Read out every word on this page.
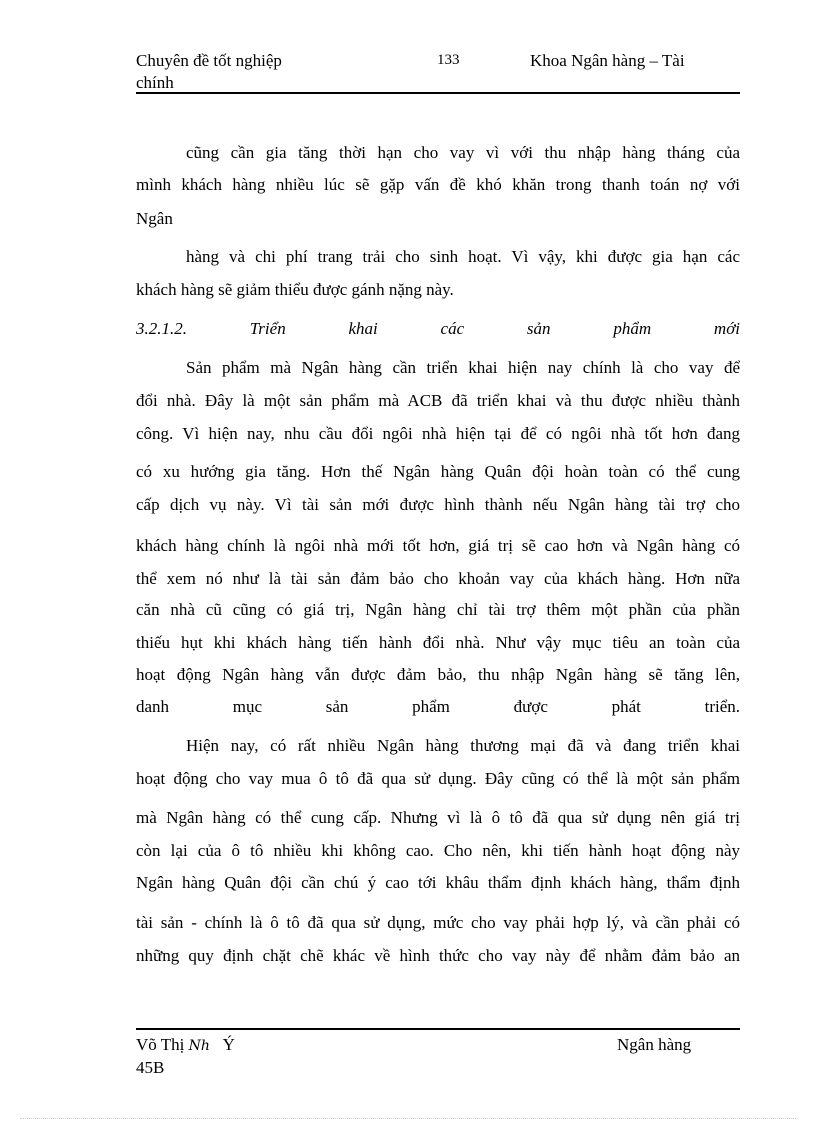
Chuyên đề tốt nghiệp
chính
133	Khoa Ngân hàng – Tài
cũng cần gia tăng thời hạn cho vay vì với thu nhập hàng tháng của
mình khách hàng nhiều lúc sẽ gặp vấn đề khó khăn trong thanh toán nợ với
Ngân
hàng và chi phí trang trải cho sinh hoạt. Vì vậy, khi được gia hạn các
khách hàng sẽ giảm thiểu được gánh nặng này.
3.2.1.2. Triển khai các sản phẩm mới
Sản phẩm mà Ngân hàng cần triển khai hiện nay chính là cho vay để
đổi nhà. Đây là một sản phẩm mà ACB đã triển khai và thu được nhiều thành
công. Vì hiện nay, nhu cầu đổi ngôi nhà hiện tại để có ngôi nhà tốt hơn đang
có xu hướng gia tăng. Hơn thế Ngân hàng Quân đội hoàn toàn có thể cung
cấp dịch vụ này. Vì tài sản mới được hình thành nếu Ngân hàng tài trợ cho
khách hàng chính là ngôi nhà mới tốt hơn, giá trị sẽ cao hơn và Ngân hàng có
thể xem nó như là tài sản đảm bảo cho khoản vay của khách hàng. Hơn nữa
căn nhà cũ cũng có giá trị, Ngân hàng chỉ tài trợ thêm một phần của phần
thiếu hụt khi khách hàng tiến hành đổi nhà. Như vậy mục tiêu an toàn của
hoạt động Ngân hàng vẫn được đảm bảo, thu nhập Ngân hàng sẽ tăng lên,
danh mục sản phẩm được phát triển.
Hiện nay, có rất nhiều Ngân hàng thương mại đã và đang triển khai
hoạt động cho vay mua ô tô đã qua sử dụng. Đây cũng có thể là một sản phẩm
mà Ngân hàng có thể cung cấp. Nhưng vì là ô tô đã qua sử dụng nên giá trị
còn lại của ô tô nhiều khi không cao. Cho nên, khi tiến hành hoạt động này
Ngân hàng Quân đội cần chú ý cao tới khâu thẩm định khách hàng, thẩm định
tài sản - chính là ô tô đã qua sử dụng, mức cho vay phải hợp lý, và cần phải có
những quy định chặt chẽ khác về hình thức cho vay này để nhằm đảm bảo an
Võ Thị Nh Ý
45B
Ngân hàng
